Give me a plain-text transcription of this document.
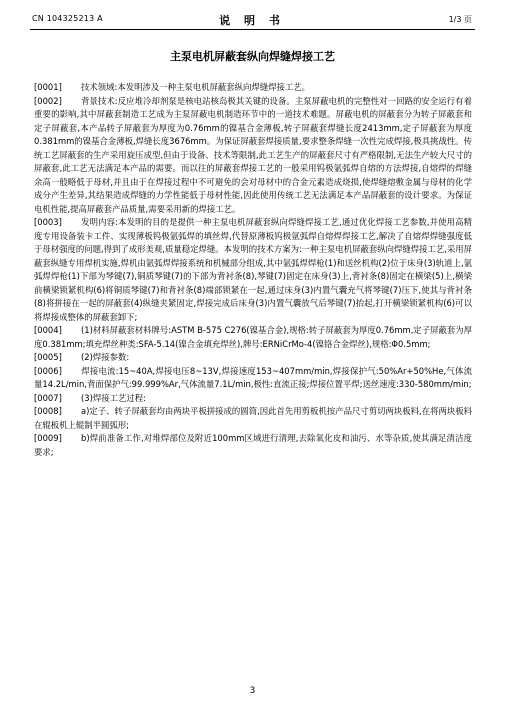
CN 104325213 A	说 明 书	1/3 页
主泵电机屏蔽套纵向焊缝焊接工艺

[0001] 技术领域:本发明涉及一种主泵电机屏蔽套纵向焊缝焊接工艺。

[0002] 背景技术:反应堆冷却剂泵是核电站核岛极其关键的设备。主泵屏蔽电机的完整性对一回路的安全运行有着重要的影响,其中屏蔽套制造工艺成为主泵屏蔽电机制造环节中的一道技术难题。屏蔽电机的屏蔽套分为转子屏蔽套和定子屏蔽套,本产品转子屏蔽套为厚度为0.76mm的镍基合金薄板,转子屏蔽套焊缝长度2413mm,定子屏蔽套为厚度0.381mm的镍基合金薄板,焊缝长度3676mm。为保证屏蔽套焊接质量,要求整条焊缝一次性完成焊接,极具挑战性。传统工艺屏蔽套的生产采用旋压成型,但由于设备、技术等限制,此工艺生产的屏蔽套尺寸有严格限制,无法生产较大尺寸的屏蔽套,此工艺无法满足本产品的需要。而以往的屏蔽套焊接工艺的一般采用钨极氩弧焊自熔的方法焊接,自熔焊的焊缝余高一般略低于母材,并且由于在焊接过程中不可避免的会对母材中的合金元素造成烧损,使焊缝熔敷金属与母材的化学成分产生差异,其结果造成焊缝的力学性能低于母材性能,因此使用传统工艺无法满足本产品屏蔽套的设计要求。为保证电机性能,提高屏蔽套产品质量,需要采用新的焊接工艺。

[0003] 发明内容:本发明的目的是提供一种主泵电机屏蔽套纵向焊缝焊接工艺,通过优化焊接工艺参数,并使用高精度专用设备装卡工件、实现薄板钨极氩弧焊的填丝焊,代替原薄板钨极氩弧焊自熔焊焊接工艺,解决了自熔焊焊缝强度低于母材强度的问题,得到了成形美观,质量稳定焊缝。本发明的技术方案为:一种主泵电机屏蔽套纵向焊缝焊接工艺,采用屏蔽套纵缝专用焊机实施,焊机由氩弧焊焊接系统和机械部分组成,其中氩弧焊焊枪(1)和送丝机构(2)位于床身(3)轨道上,氩弧焊焊枪(1)下部为琴键(7),铜质琴键(7)的下部为背衬条(8),琴键(7)固定在床身(3)上,背衬条(8)固定在横梁(5)上,横梁前横梁锁紧机构(6)将铜质琴键(7)和背衬条(8)端部锁紧在一起,通过床身(3)内置气囊充气将琴键(7)压下,使其与背衬条(8)将拼接在一起的屏蔽套(4)纵缝夹紧固定,焊接完成后床身(3)内置气囊放气后琴键(7)抬起,打开横梁锁紧机构(6)可以将焊接成整体的屏蔽套卸下;

[0004] (1)材料屏蔽套材料牌号:ASTM B-575 C276(镍基合金),规格:转子屏蔽套为厚度0.76mm,定子屏蔽套为厚度0.381mm;填充焊丝种类:SFA-5.14(镍合金填充焊丝),牌号:ERNiCrMo-4(镍铬合金焊丝),规格:Φ0.5mm;

[0005] (2)焊接参数:

[0006] 焊接电流:15~40A,焊接电压8~13V,焊接速度153~407mm/min,焊接保护气:50%Ar+50%He,气体流量14.2L/min,背面保护气:99.999%Ar,气体流量7.1L/min,极性:直流正接;焊接位置平焊;送丝速度:330-580mm/min;

[0007] (3)焊接工艺过程:

[0008] a)定子、转子屏蔽套均由两块平板拼接成的圆筒,因此首先用剪板机按产品尺寸剪切两块板料,在将两块板料在辊板机上辊制半圆弧形;

[0009] b)焊前准备工作,对堆焊部位及附近100mm区域进行清理,去除氧化皮和油污、水等杂质,使其满足清洁度要求;

3
